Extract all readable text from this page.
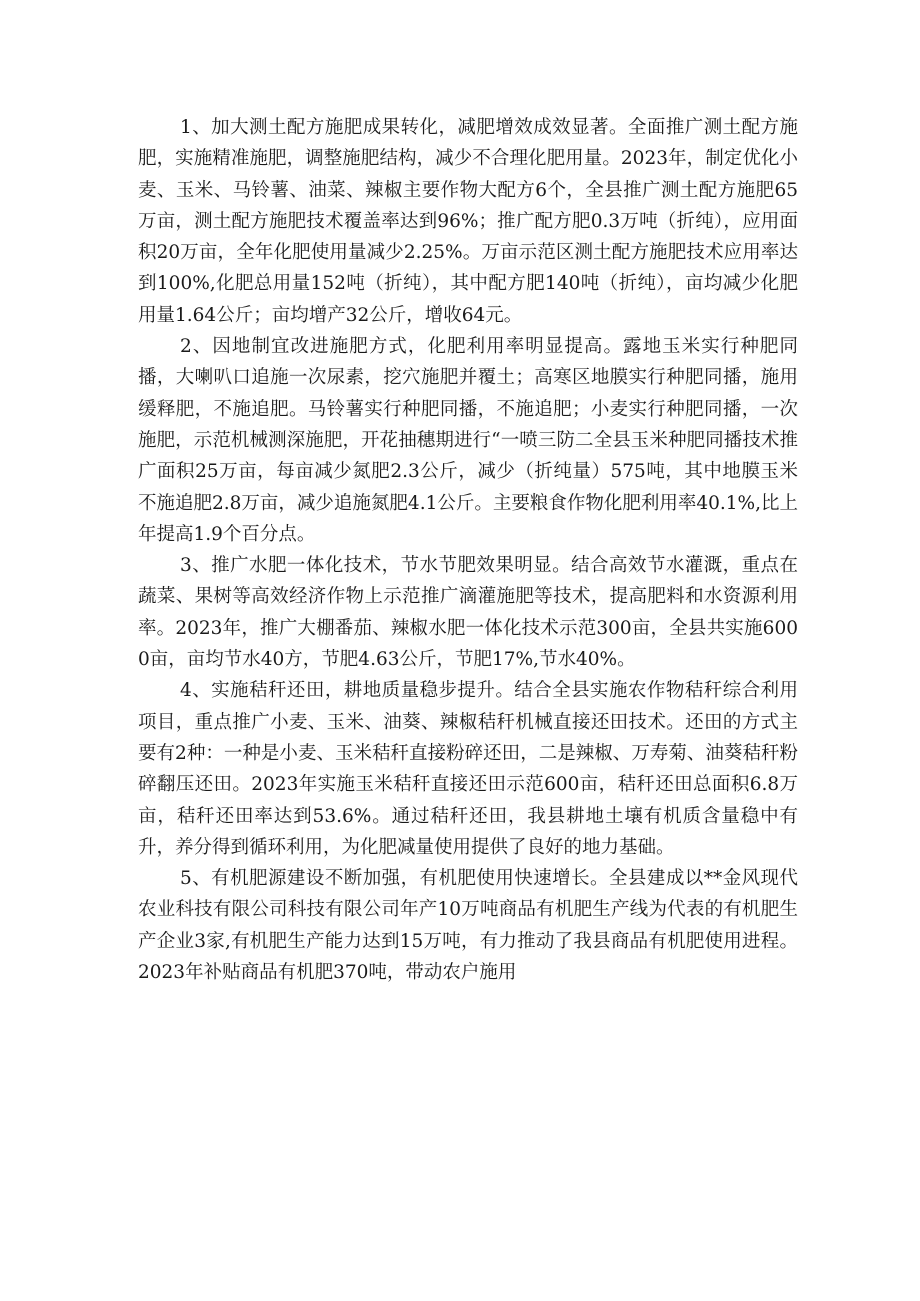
1、加大测土配方施肥成果转化，减肥增效成效显著。全面推广测土配方施肥，实施精准施肥，调整施肥结构，减少不合理化肥用量。2023年，制定优化小麦、玉米、马铃薯、油菜、辣椒主要作物大配方6个，全县推广测土配方施肥65万亩，测土配方施肥技术覆盖率达到96%；推广配方肥0.3万吨（折纯），应用面积20万亩，全年化肥使用量减少2.25%。万亩示范区测土配方施肥技术应用率达到100%,化肥总用量152吨（折纯），其中配方肥140吨（折纯），亩均减少化肥用量1.64公斤；亩均增产32公斤，增收64元。

2、因地制宜改进施肥方式，化肥利用率明显提高。露地玉米实行种肥同播，大喇叭口追施一次尿素，挖穴施肥并覆土；高寒区地膜实行种肥同播，施用缓释肥，不施追肥。马铃薯实行种肥同播，不施追肥；小麦实行种肥同播，一次施肥，示范机械测深施肥，开花抽穗期进行“一喷三防二全县玉米种肥同播技术推广面积25万亩，每亩减少氮肥2.3公斤，减少（折纯量）575吨，其中地膜玉米不施追肥2.8万亩，减少追施氮肥4.1公斤。主要粮食作物化肥利用率40.1%,比上年提高1.9个百分点。

3、推广水肥一体化技术，节水节肥效果明显。结合高效节水灌溉，重点在蔬菜、果树等高效经济作物上示范推广滴灌施肥等技术，提高肥料和水资源利用率。2023年，推广大棚番茄、辣椒水肥一体化技术示范300亩，全县共实施6000亩，亩均节水40方，节肥4.63公斤，节肥17%,节水40%。

4、实施秸秆还田，耕地质量稳步提升。结合全县实施农作物秸秆综合利用项目，重点推广小麦、玉米、油葵、辣椒秸秆机械直接还田技术。还田的方式主要有2种：一种是小麦、玉米秸秆直接粉碎还田，二是辣椒、万寿菊、油葵秸秆粉碎翻压还田。2023年实施玉米秸秆直接还田示范600亩，秸秆还田总面积6.8万亩，秸秆还田率达到53.6%。通过秸秆还田，我县耕地土壤有机质含量稳中有升，养分得到循环利用，为化肥减量使用提供了良好的地力基础。

5、有机肥源建设不断加强，有机肥使用快速增长。全县建成以**金风现代农业科技有限公司科技有限公司年产10万吨商品有机肥生产线为代表的有机肥生产企业3家,有机肥生产能力达到15万吨，有力推动了我县商品有机肥使用进程。2023年补贴商品有机肥370吨，带动农户施用
